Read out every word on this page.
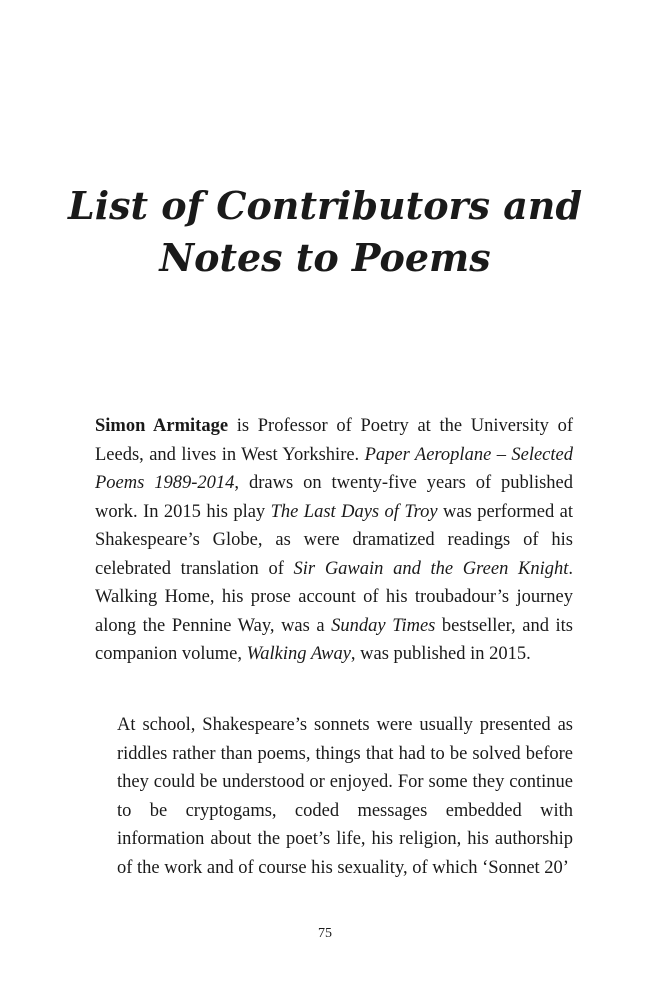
List of Contributors and
Notes to Poems

Simon Armitage is Professor of Poetry at the University of Leeds, and lives in West Yorkshire. Paper Aeroplane – Selected Poems 1989-2014, draws on twenty-five years of published work. In 2015 his play The Last Days of Troy was performed at Shakespeare’s Globe, as were dramatized readings of his celebrated translation of Sir Gawain and the Green Knight. Walking Home, his prose account of his troubadour’s journey along the Pennine Way, was a Sunday Times bestseller, and its companion volume, Walking Away, was published in 2015.

At school, Shakespeare’s sonnets were usually presented as riddles rather than poems, things that had to be solved before they could be understood or enjoyed. For some they continue to be cryptogams, coded messages embedded with information about the poet’s life, his religion, his authorship of the work and of course his sexuality, of which ‘Sonnet 20’

75
